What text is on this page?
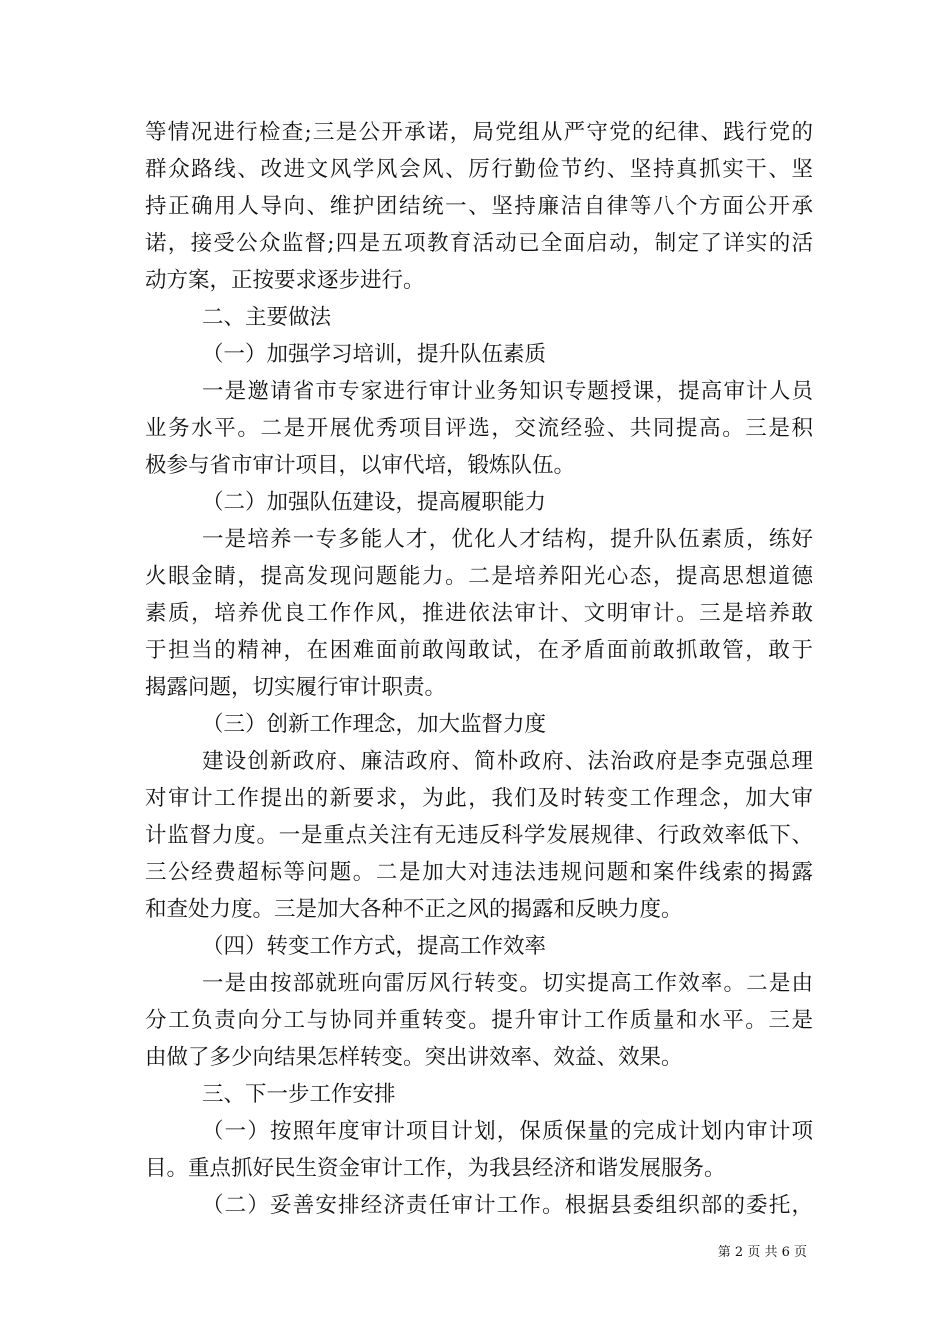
等情况进行检查;三是公开承诺，局党组从严守党的纪律、践行党的
群众路线、改进文风学风会风、厉行勤俭节约、坚持真抓实干、坚
持正确用人导向、维护团结统一、坚持廉洁自律等八个方面公开承
诺，接受公众监督;四是五项教育活动已全面启动，制定了详实的活
动方案，正按要求逐步进行。
二、主要做法
（一）加强学习培训，提升队伍素质
一是邀请省市专家进行审计业务知识专题授课，提高审计人员
业务水平。二是开展优秀项目评选，交流经验、共同提高。三是积
极参与省市审计项目，以审代培，锻炼队伍。
（二）加强队伍建设，提高履职能力
一是培养一专多能人才，优化人才结构，提升队伍素质，练好
火眼金睛，提高发现问题能力。二是培养阳光心态，提高思想道德
素质，培养优良工作作风，推进依法审计、文明审计。三是培养敢
于担当的精神，在困难面前敢闯敢试，在矛盾面前敢抓敢管，敢于
揭露问题，切实履行审计职责。
（三）创新工作理念，加大监督力度
建设创新政府、廉洁政府、简朴政府、法治政府是李克强总理
对审计工作提出的新要求，为此，我们及时转变工作理念，加大审
计监督力度。一是重点关注有无违反科学发展规律、行政效率低下、
三公经费超标等问题。二是加大对违法违规问题和案件线索的揭露
和查处力度。三是加大各种不正之风的揭露和反映力度。
（四）转变工作方式，提高工作效率
一是由按部就班向雷厉风行转变。切实提高工作效率。二是由
分工负责向分工与协同并重转变。提升审计工作质量和水平。三是
由做了多少向结果怎样转变。突出讲效率、效益、效果。
三、下一步工作安排
（一）按照年度审计项目计划，保质保量的完成计划内审计项
目。重点抓好民生资金审计工作，为我县经济和谐发展服务。
（二）妥善安排经济责任审计工作。根据县委组织部的委托，
第 2 页 共 6 页
